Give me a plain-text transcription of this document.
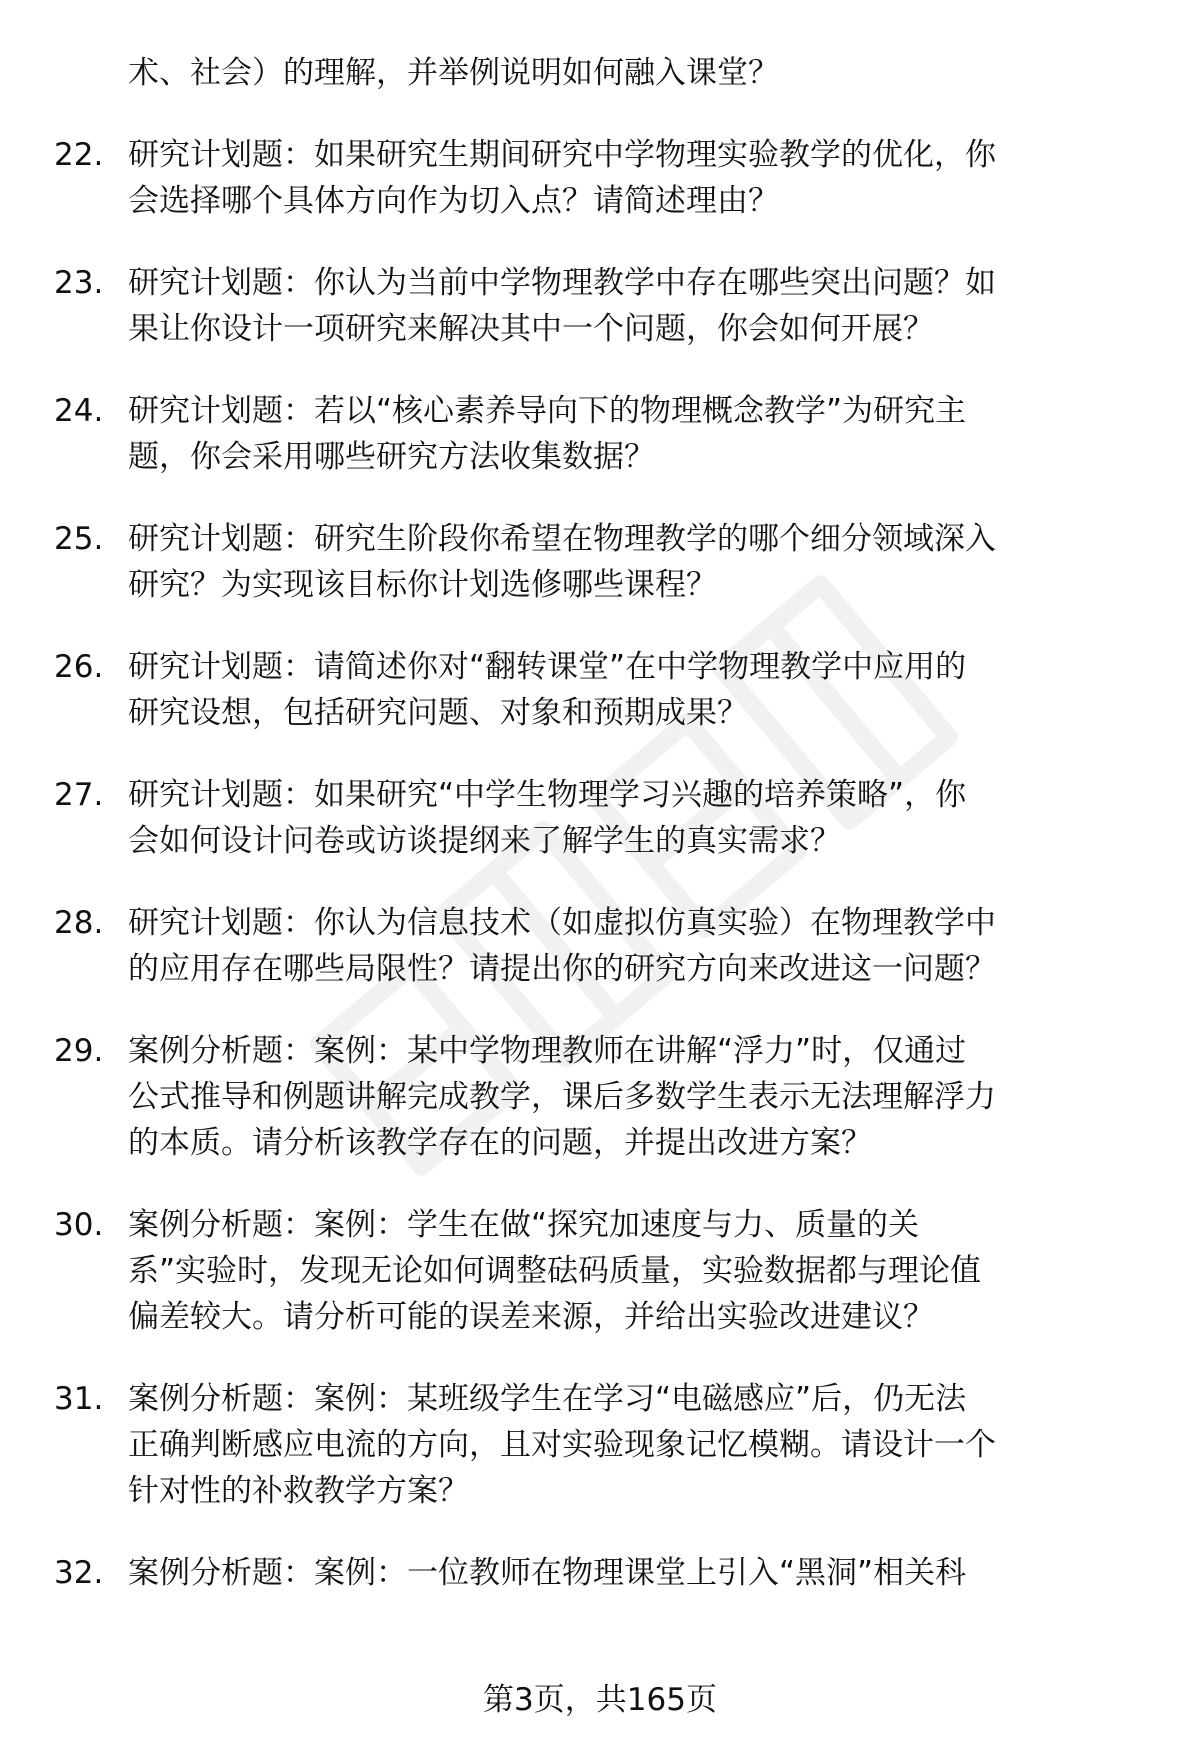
术、社会）的理解，并举例说明如何融入课堂？
22. 研究计划题：如果研究生期间研究中学物理实验教学的优化，你
会选择哪个具体方向作为切入点？请简述理由？
23. 研究计划题：你认为当前中学物理教学中存在哪些突出问题？如
果让你设计一项研究来解决其中一个问题，你会如何开展？
24. 研究计划题：若以“核心素养导向下的物理概念教学”为研究主
题，你会采用哪些研究方法收集数据？
25. 研究计划题：研究生阶段你希望在物理教学的哪个细分领域深入
研究？为实现该目标你计划选修哪些课程？
26. 研究计划题：请简述你对“翻转课堂”在中学物理教学中应用的
研究设想，包括研究问题、对象和预期成果？
27. 研究计划题：如果研究“中学生物理学习兴趣的培养策略”，你
会如何设计问卷或访谈提纲来了解学生的真实需求？
28. 研究计划题：你认为信息技术（如虚拟仿真实验）在物理教学中
的应用存在哪些局限性？请提出你的研究方向来改进这一问题？
29. 案例分析题：案例：某中学物理教师在讲解“浮力”时，仅通过
公式推导和例题讲解完成教学，课后多数学生表示无法理解浮力
的本质。请分析该教学存在的问题，并提出改进方案？
30. 案例分析题：案例：学生在做“探究加速度与力、质量的关
系”实验时，发现无论如何调整砝码质量，实验数据都与理论值
偏差较大。请分析可能的误差来源，并给出实验改进建议？
31. 案例分析题：案例：某班级学生在学习“电磁感应”后，仍无法
正确判断感应电流的方向，且对实验现象记忆模糊。请设计一个
针对性的补救教学方案？
32. 案例分析题：案例：一位教师在物理课堂上引入“黑洞”相关科
第3页，共165页
